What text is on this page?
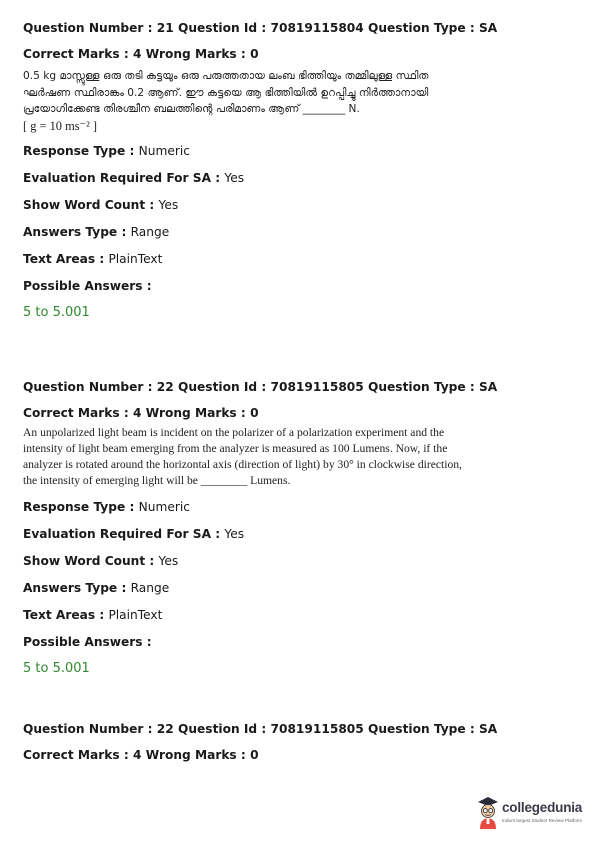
Question Number : 21 Question Id : 70819115804 Question Type : SA
Correct Marks : 4 Wrong Marks : 0
0.5 kg മാസ്സുള്ള ഒരു തടി കട്ടയും ഒരു പരുത്തതായ ലംബ ഭിത്തിയും തമ്മിലുള്ള സ്ഥിത
ഘർഷണ സ്ഥിരാങ്കം 0.2 ആണ്. ഈ കട്ടയെ ആ ഭിത്തിയിൽ ഉറപ്പിച്ചു നിർത്താനായി
പ്രയോഗിക്കേണ്ട തിരശ്ചീന ബലത്തിന്റെ പരിമാണം ആണ് ________ N.
[ g = 10 ms⁻² ]
Response Type : Numeric
Evaluation Required For SA : Yes
Show Word Count : Yes
Answers Type : Range
Text Areas : PlainText
Possible Answers :
5 to 5.001
Question Number : 22 Question Id : 70819115805 Question Type : SA
Correct Marks : 4 Wrong Marks : 0
An unpolarized light beam is incident on the polarizer of a polarization experiment and the
intensity of light beam emerging from the analyzer is measured as 100 Lumens. Now, if the
analyzer is rotated around the horizontal axis (direction of light) by 30° in clockwise direction,
the intensity of emerging light will be ________ Lumens.
Response Type : Numeric
Evaluation Required For SA : Yes
Show Word Count : Yes
Answers Type : Range
Text Areas : PlainText
Possible Answers :
5 to 5.001
Question Number : 22 Question Id : 70819115805 Question Type : SA
Correct Marks : 4 Wrong Marks : 0
collegedunia
India's largest Student Review Platform
